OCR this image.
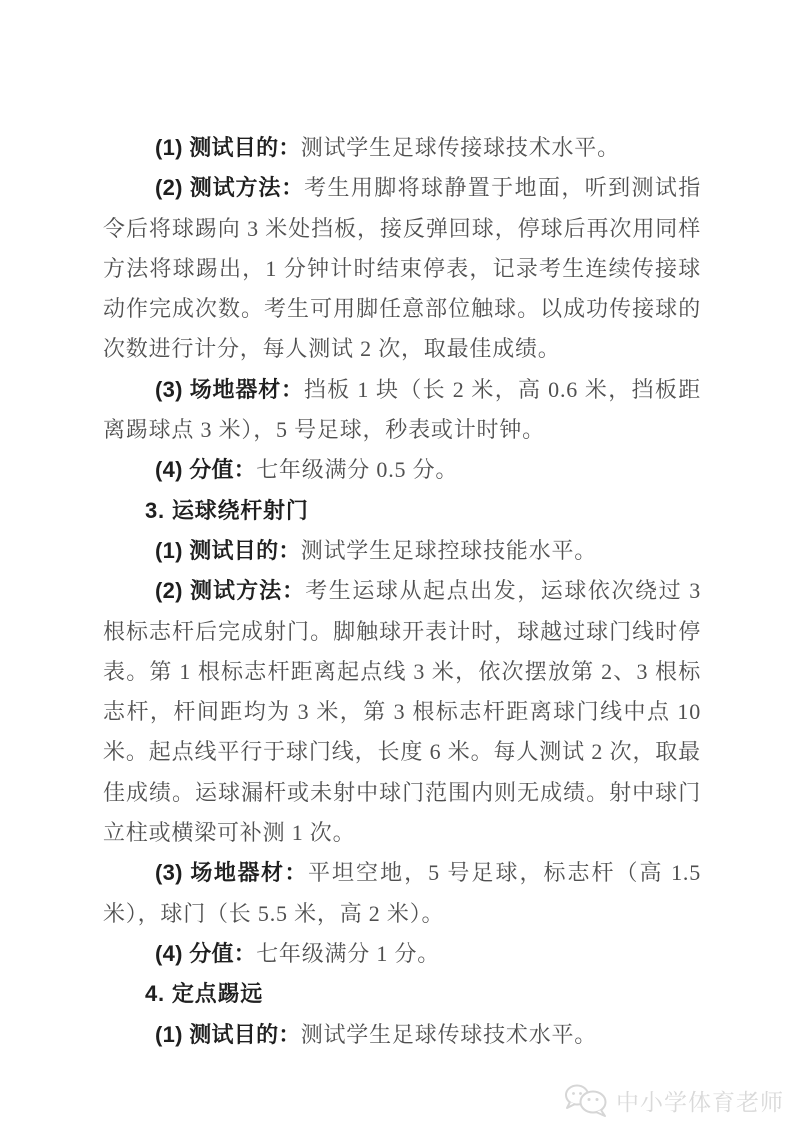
(1) 测试目的：测试学生足球传接球技术水平。

(2) 测试方法：考生用脚将球静置于地面，听到测试指令后将球踢向 3 米处挡板，接反弹回球，停球后再次用同样方法将球踢出，1 分钟计时结束停表，记录考生连续传接球动作完成次数。考生可用脚任意部位触球。以成功传接球的次数进行计分，每人测试 2 次，取最佳成绩。

(3) 场地器材：挡板 1 块（长 2 米，高 0.6 米，挡板距离踢球点 3 米），5 号足球，秒表或计时钟。

(4) 分值：七年级满分 0.5 分。

3. 运球绕杆射门

(1) 测试目的：测试学生足球控球技能水平。

(2) 测试方法：考生运球从起点出发，运球依次绕过 3 根标志杆后完成射门。脚触球开表计时，球越过球门线时停表。第 1 根标志杆距离起点线 3 米，依次摆放第 2、3 根标志杆，杆间距均为 3 米，第 3 根标志杆距离球门线中点 10 米。起点线平行于球门线，长度 6 米。每人测试 2 次，取最佳成绩。运球漏杆或未射中球门范围内则无成绩。射中球门立柱或横梁可补测 1 次。

(3) 场地器材：平坦空地，5 号足球，标志杆（高 1.5 米），球门（长 5.5 米，高 2 米）。

(4) 分值：七年级满分 1 分。

4. 定点踢远

(1) 测试目的：测试学生足球传球技术水平。

中小学体育老师
